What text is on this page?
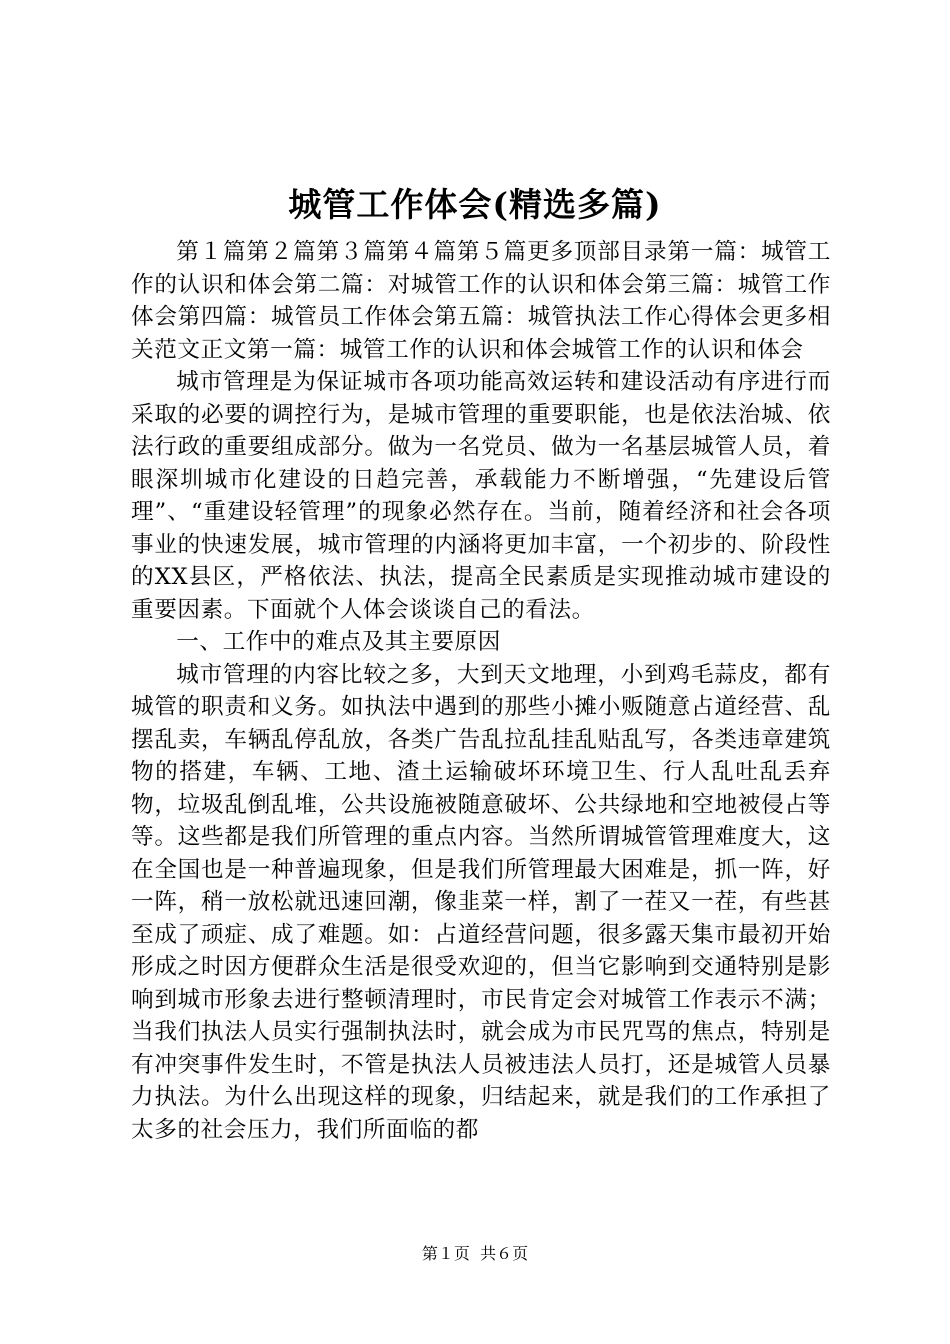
城管工作体会(精选多篇)

第１篇第２篇第３篇第４篇第５篇更多顶部目录第一篇：城管工作的认识和体会第二篇：对城管工作的认识和体会第三篇：城管工作体会第四篇：城管员工作体会第五篇：城管执法工作心得体会更多相关范文正文第一篇：城管工作的认识和体会城管工作的认识和体会

城市管理是为保证城市各项功能高效运转和建设活动有序进行而采取的必要的调控行为，是城市管理的重要职能，也是依法治城、依法行政的重要组成部分。做为一名党员、做为一名基层城管人员，着眼深圳城市化建设的日趋完善，承载能力不断增强，“先建设后管理”、“重建设轻管理”的现象必然存在。当前，随着经济和社会各项事业的快速发展，城市管理的内涵将更加丰富，一个初步的、阶段性的XX县区，严格依法、执法，提高全民素质是实现推动城市建设的重要因素。下面就个人体会谈谈自己的看法。

一、工作中的难点及其主要原因

城市管理的内容比较之多，大到天文地理，小到鸡毛蒜皮，都有城管的职责和义务。如执法中遇到的那些小摊小贩随意占道经营、乱摆乱卖，车辆乱停乱放，各类广告乱拉乱挂乱贴乱写，各类违章建筑物的搭建，车辆、工地、渣土运输破坏环境卫生、行人乱吐乱丢弃物，垃圾乱倒乱堆，公共设施被随意破坏、公共绿地和空地被侵占等等。这些都是我们所管理的重点内容。当然所谓城管管理难度大，这在全国也是一种普遍现象，但是我们所管理最大困难是，抓一阵，好一阵，稍一放松就迅速回潮，像韭菜一样，割了一茬又一茬，有些甚至成了顽症、成了难题。如：占道经营问题，很多露天集市最初开始形成之时因方便群众生活是很受欢迎的，但当它影响到交通特别是影响到城市形象去进行整顿清理时，市民肯定会对城管工作表示不满；当我们执法人员实行强制执法时，就会成为市民咒骂的焦点，特别是有冲突事件发生时，不管是执法人员被违法人员打，还是城管人员暴力执法。为什么出现这样的现象，归结起来，就是我们的工作承担了太多的社会压力，我们所面临的都

第１页  共６页
